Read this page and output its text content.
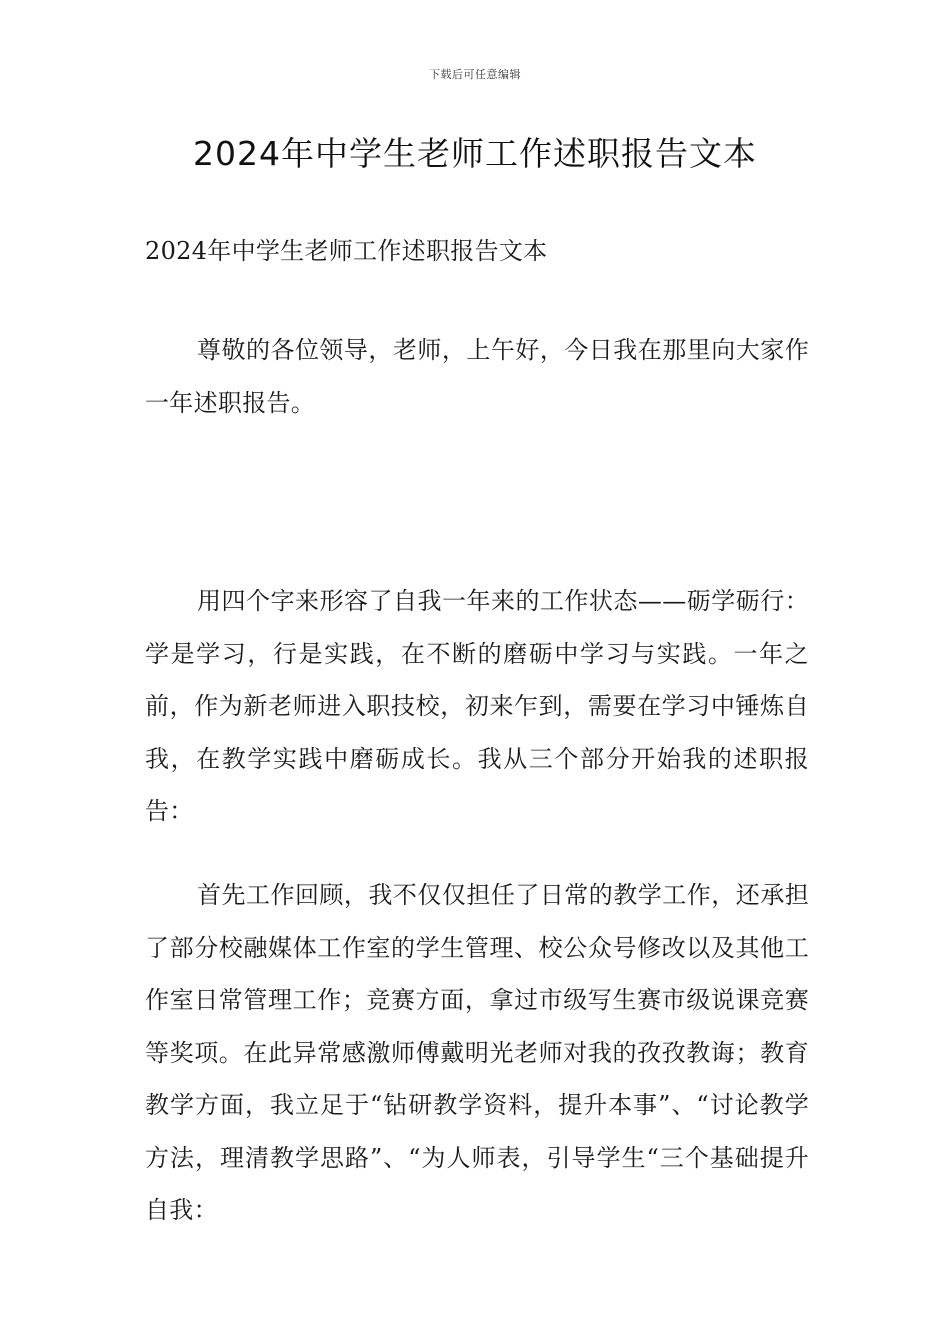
下载后可任意编辑
2024年中学生老师工作述职报告文本

2024年中学生老师工作述职报告文本

尊敬的各位领导，老师，上午好，今日我在那里向大家作一年述职报告。

用四个字来形容了自我一年来的工作状态——砺学砺行：学是学习，行是实践，在不断的磨砺中学习与实践。一年之前，作为新老师进入职技校，初来乍到，需要在学习中锤炼自我，在教学实践中磨砺成长。我从三个部分开始我的述职报告：

首先工作回顾，我不仅仅担任了日常的教学工作，还承担了部分校融媒体工作室的学生管理、校公众号修改以及其他工作室日常管理工作；竞赛方面，拿过市级写生赛市级说课竞赛等奖项。在此异常感激师傅戴明光老师对我的孜孜教诲；教育教学方面，我立足于“钻研教学资料，提升本事”、“讨论教学方法，理清教学思路”、“为人师表，引导学生“三个基础提升自我：
